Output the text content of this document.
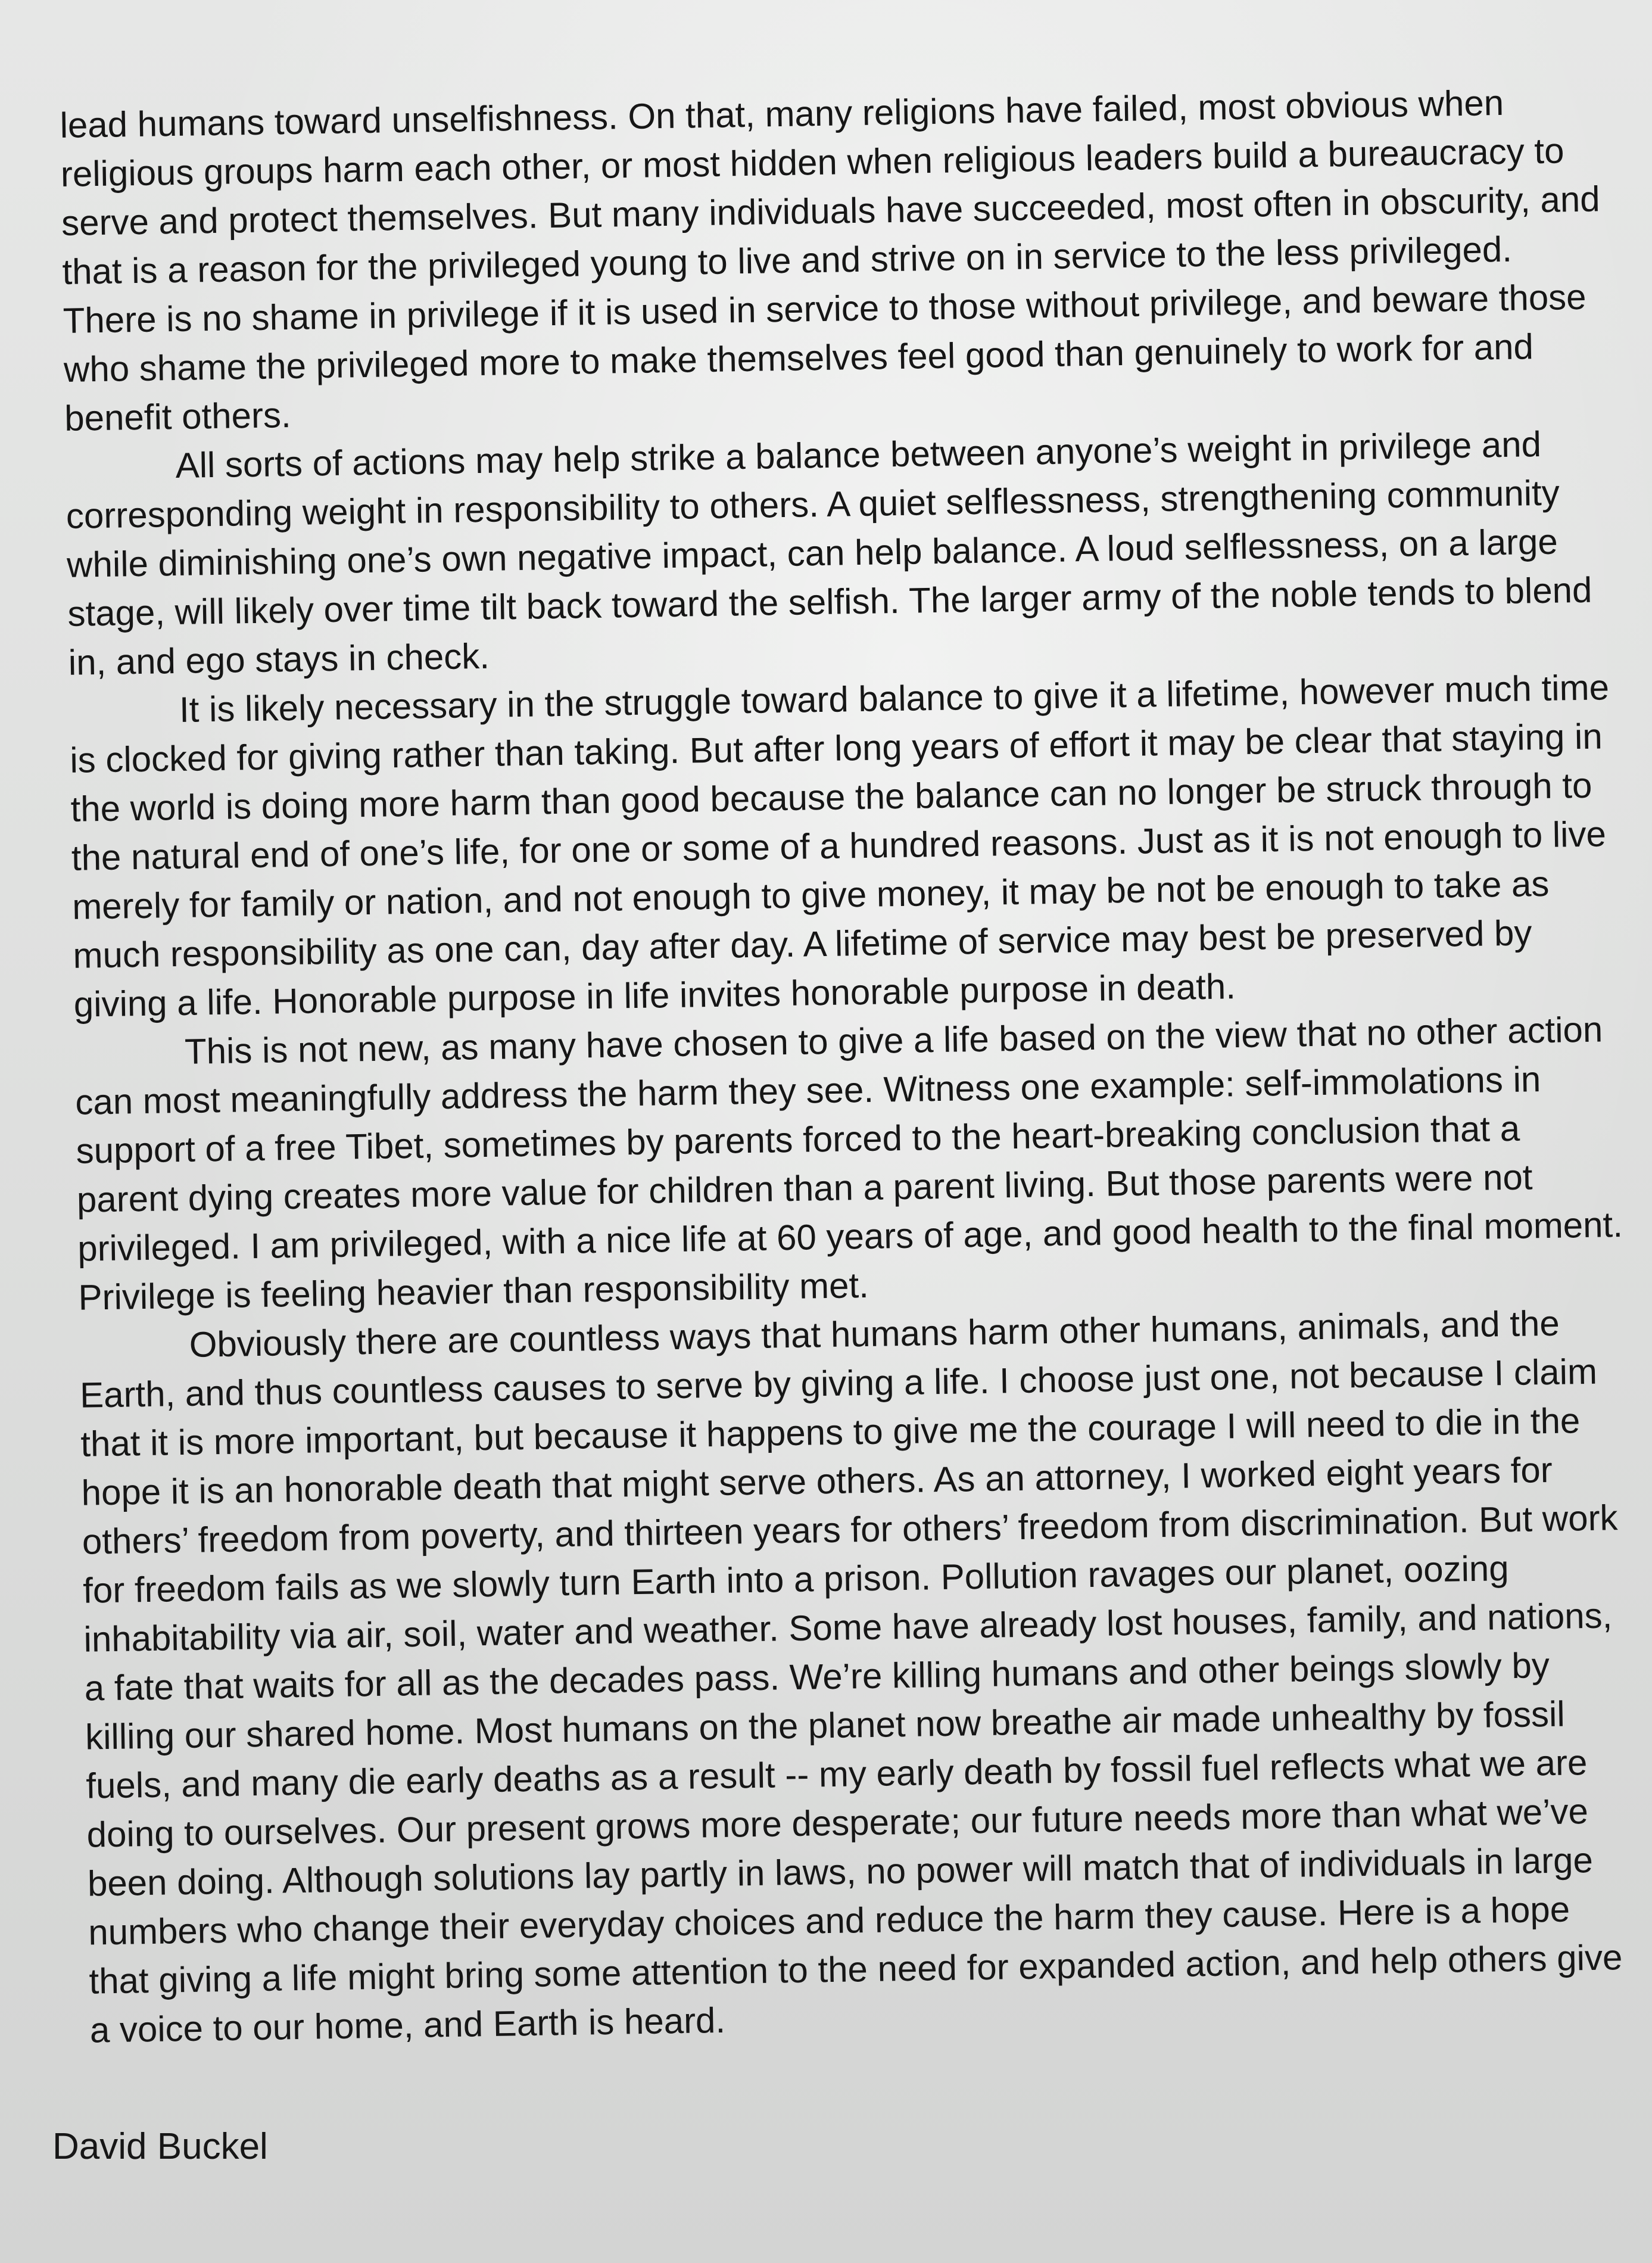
lead humans toward unselfishness. On that, many religions have failed, most obvious when religious groups harm each other, or most hidden when religious leaders build a bureaucracy to serve and protect themselves. But many individuals have succeeded, most often in obscurity, and that is a reason for the privileged young to live and strive on in service to the less privileged. There is no shame in privilege if it is used in service to those without privilege, and beware those who shame the privileged more to make themselves feel good than genuinely to work for and benefit others.

All sorts of actions may help strike a balance between anyone’s weight in privilege and corresponding weight in responsibility to others. A quiet selflessness, strengthening community while diminishing one’s own negative impact, can help balance. A loud selflessness, on a large stage, will likely over time tilt back toward the selfish. The larger army of the noble tends to blend in, and ego stays in check.

It is likely necessary in the struggle toward balance to give it a lifetime, however much time is clocked for giving rather than taking. But after long years of effort it may be clear that staying in the world is doing more harm than good because the balance can no longer be struck through to the natural end of one’s life, for one or some of a hundred reasons. Just as it is not enough to live merely for family or nation, and not enough to give money, it may be not be enough to take as much responsibility as one can, day after day. A lifetime of service may best be preserved by giving a life. Honorable purpose in life invites honorable purpose in death.

This is not new, as many have chosen to give a life based on the view that no other action can most meaningfully address the harm they see. Witness one example: self-immolations in support of a free Tibet, sometimes by parents forced to the heart-breaking conclusion that a parent dying creates more value for children than a parent living. But those parents were not privileged. I am privileged, with a nice life at 60 years of age, and good health to the final moment. Privilege is feeling heavier than responsibility met.

Obviously there are countless ways that humans harm other humans, animals, and the Earth, and thus countless causes to serve by giving a life. I choose just one, not because I claim that it is more important, but because it happens to give me the courage I will need to die in the hope it is an honorable death that might serve others. As an attorney, I worked eight years for others’ freedom from poverty, and thirteen years for others’ freedom from discrimination. But work for freedom fails as we slowly turn Earth into a prison. Pollution ravages our planet, oozing inhabitability via air, soil, water and weather. Some have already lost houses, family, and nations, a fate that waits for all as the decades pass. We’re killing humans and other beings slowly by killing our shared home. Most humans on the planet now breathe air made unhealthy by fossil fuels, and many die early deaths as a result -- my early death by fossil fuel reflects what we are doing to ourselves. Our present grows more desperate; our future needs more than what we’ve been doing. Although solutions lay partly in laws, no power will match that of individuals in large numbers who change their everyday choices and reduce the harm they cause. Here is a hope that giving a life might bring some attention to the need for expanded action, and help others give a voice to our home, and Earth is heard.

David Buckel
